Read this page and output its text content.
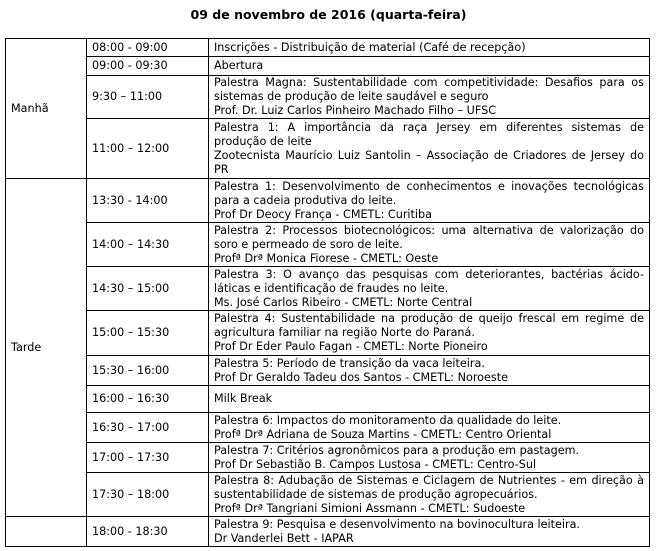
09 de novembro de 2016 (quarta-feira)
Manhã	08:00 - 09:00	Inscrições - Distribuição de material (Café de recepção)

	09:00 - 09:30	Abertura

	9:30 – 11:00	Palestra Magna: Sustentabilidade com competitividade: Desafios para os sistemas de produção de leite saudável e seguro
Prof. Dr. Luiz Carlos Pinheiro Machado Filho – UFSC

	11:00 – 12:00	Palestra 1: A importância da raça Jersey em diferentes sistemas de produção de leite
Zootecnista Maurício Luiz Santolin – Associação de Criadores de Jersey do PR

Tarde	13:30 - 14:00	Palestra 1: Desenvolvimento de conhecimentos e inovações tecnológicas para a cadeia produtiva do leite.
Prof Dr Deocy França - CMETL: Curitiba

	14:00 – 14:30	Palestra 2: Processos biotecnológicos: uma alternativa de valorização do soro e permeado de soro de leite.
Profª Drª Monica Fiorese - CMETL: Oeste

	14:30 – 15:00	Palestra 3: O avanço das pesquisas com deteriorantes, bactérias ácido-láticas e identificação de fraudes no leite.
Ms. José Carlos Ribeiro - CMETL: Norte Central

	15:00 – 15:30	Palestra 4: Sustentabilidade na produção de queijo frescal em regime de agricultura familiar na região Norte do Paraná.
Prof Dr Eder Paulo Fagan - CMETL: Norte Pioneiro

	15:30 – 16:00	Palestra 5: Período de transição da vaca leiteira.
Prof Dr Geraldo Tadeu dos Santos - CMETL: Noroeste

	16:00 – 16:30	Milk Break

	16:30 – 17:00	Palestra 6: Impactos do monitoramento da qualidade do leite.
Profª Drª Adriana de Souza Martins - CMETL: Centro Oriental

	17:00 – 17:30	Palestra 7: Critérios agronômicos para a produção em pastagem.
Prof Dr Sebastião B. Campos Lustosa - CMETL: Centro-Sul

	17:30 – 18:00	Palestra 8: Adubação de Sistemas e Ciclagem de Nutrientes - em direção à sustentabilidade de sistemas de produção agropecuários.
Profª Drª Tangriani Simioni Assmann - CMETL: Sudoeste

	18:00 - 18:30	Palestra 9: Pesquisa e desenvolvimento na bovinocultura leiteira.
Dr Vanderlei Bett - IAPAR
